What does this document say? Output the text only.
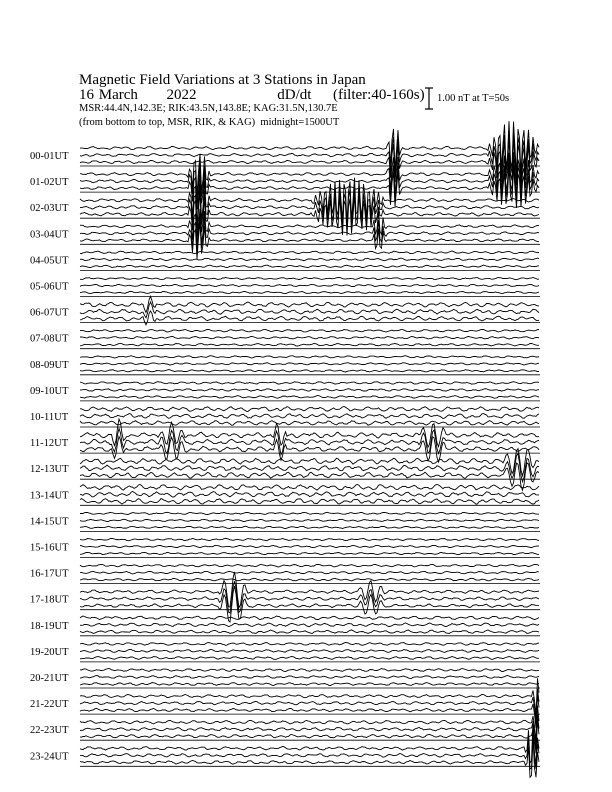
Magnetic Field Variations at 3 Stations in Japan
16 March 2022	dD/dt (filter:40-160s)
MSR:44.4N,142.3E; RIK:43.5N,143.8E; KAG:31.5N,130.7E
(from bottom to top, MSR, RIK, & KAG) midnight=1500UT
1.00 nT at T=50s
00-01UT
01-02UT
02-03UT
03-04UT
04-05UT
05-06UT
06-07UT
07-08UT
08-09UT
09-10UT
10-11UT
11-12UT
12-13UT
13-14UT
14-15UT
15-16UT
16-17UT
17-18UT
18-19UT
19-20UT
20-21UT
21-22UT
22-23UT
23-24UT
